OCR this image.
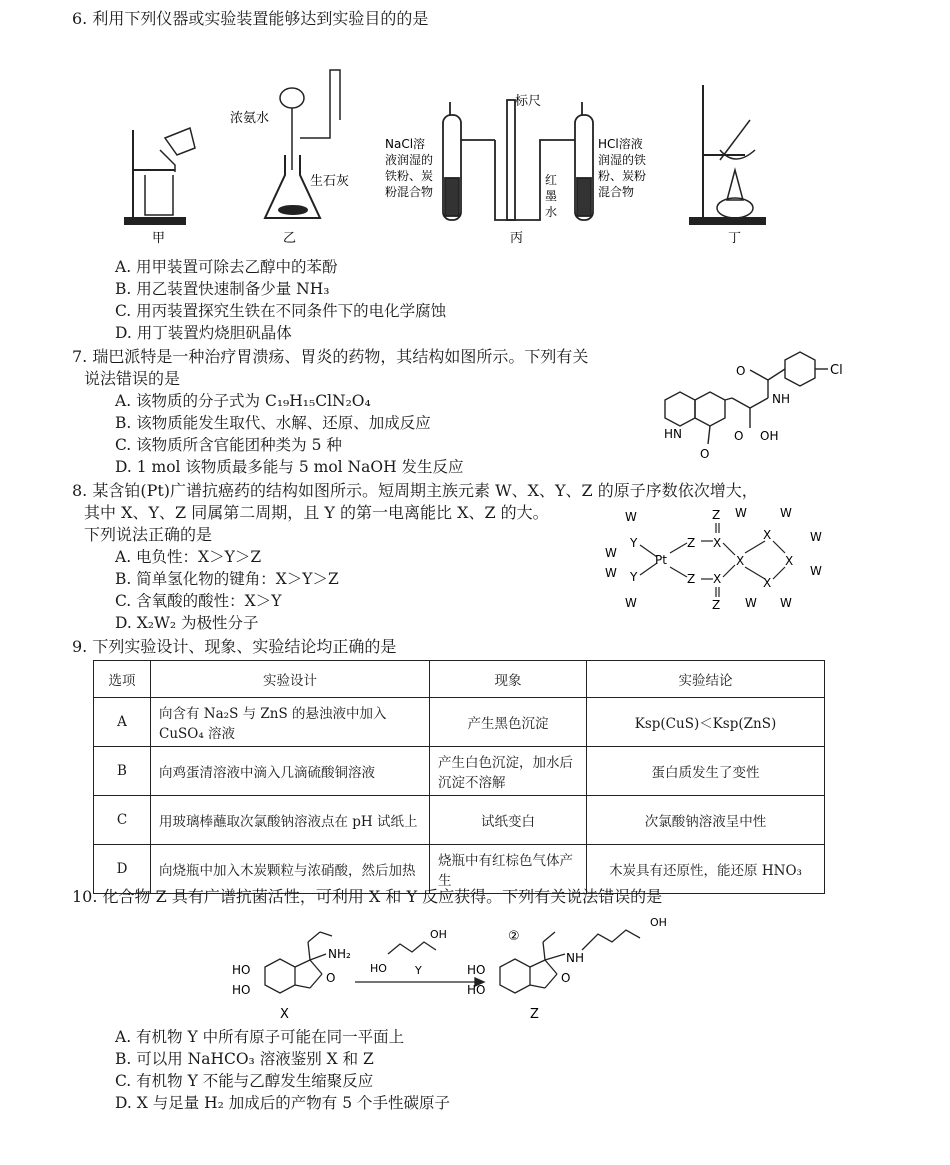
6. 利用下列仪器或实验装置能够达到实验目的的是
甲
浓氨水
生石灰
乙
标尺
NaCl溶
液润湿的
铁粉、炭
粉混合物
HCl溶液
润湿的铁
粉、炭粉
混合物
红
墨
水
丙	丁
A. 用甲装置可除去乙醇中的苯酚
B. 用乙装置快速制备少量 NH₃
C. 用丙装置探究生铁在不同条件下的电化学腐蚀
D. 用丁装置灼烧胆矾晶体
7. 瑞巴派特是一种治疗胃溃疡、胃炎的药物，其结构如图所示。下列有关
说法错误的是
A. 该物质的分子式为 C₁₉H₁₅ClN₂O₄
B. 该物质能发生取代、水解、还原、加成反应
C. 该物质所含官能团种类为 5 种
D. 1 mol 该物质最多能与 5 mol NaOH 发生反应
Cl
O
NH
HN
O
OH
O
8. 某含铂(Pt)广谱抗癌药的结构如图所示。短周期主族元素 W、X、Y、Z 的原子序数依次增大，
其中 X、Y、Z 同属第二周期，且 Y 的第一电离能比 X、Z 的大。
下列说法正确的是
A. 电负性：X＞Y＞Z
B. 简单氢化物的键角：X＞Y＞Z
C. 含氧酸的酸性：X＞Y
D. X₂W₂ 为极性分子
W
W
W
W
Y
Y
Pt
Z
Z
Z
Z
X
X
X
X
X
X
W	W
W
W
W W
9. 下列实验设计、现象、实验结论均正确的是
选项	实验设计	现象	实验结论
A	向含有 Na₂S 与 ZnS 的悬浊液中加入 CuSO₄ 溶液	产生黑色沉淀	Ksp(CuS)＜Ksp(ZnS)
B	向鸡蛋清溶液中滴入几滴硫酸铜溶液	产生白色沉淀，加水后沉淀不溶解	蛋白质发生了变性
C	用玻璃棒蘸取次氯酸钠溶液点在 pH 试纸上	试纸变白	次氯酸钠溶液呈中性
D	向烧瓶中加入木炭颗粒与浓硝酸，然后加热	烧瓶中有红棕色气体产生	木炭具有还原性，能还原 HNO₃
10. 化合物 Z 具有广谱抗菌活性，可利用 X 和 Y 反应获得。下列有关说法错误的是
HO
HO
NH₂
O
X
HO
OH
Y	HO
HO
②
NH
O
OH
Z
A. 有机物 Y 中所有原子可能在同一平面上
B. 可以用 NaHCO₃ 溶液鉴别 X 和 Z
C. 有机物 Y 不能与乙醇发生缩聚反应
D. X 与足量 H₂ 加成后的产物有 5 个手性碳原子
